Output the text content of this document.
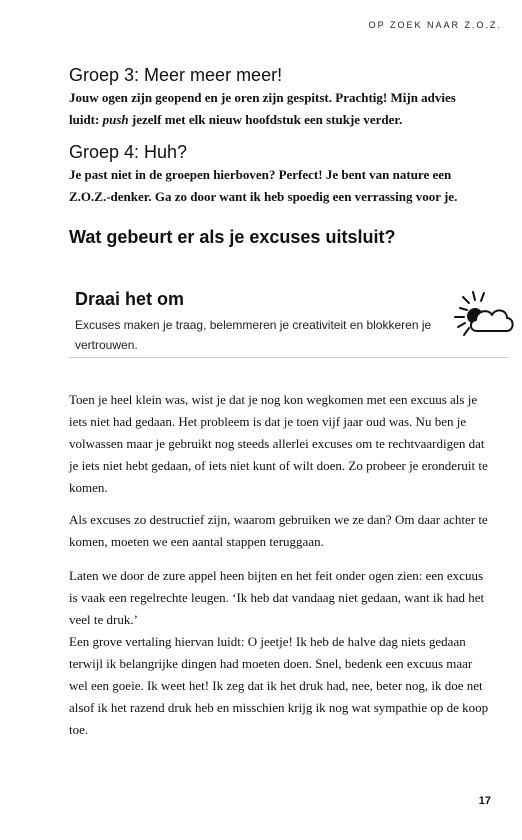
OP ZOEK NAAR Z.O.Z.
Groep 3: Meer meer meer!

Jouw ogen zijn geopend en je oren zijn gespitst. Prachtig! Mijn advies luidt: push jezelf met elk nieuw hoofdstuk een stukje verder.

Groep 4: Huh?

Je past niet in de groepen hierboven? Perfect! Je bent van nature een Z.O.Z.-denker. Ga zo door want ik heb spoedig een verrassing voor je.

Wat gebeurt er als je excuses uitsluit?
Draai het om

Excuses maken je traag, belemmeren je creativiteit en blokkeren je vertrouwen.

Toen je heel klein was, wist je dat je nog kon wegkomen met een excuus als je iets niet had gedaan. Het probleem is dat je toen vijf jaar oud was. Nu ben je volwassen maar je gebruikt nog steeds allerlei excuses om te rechtvaardigen dat je iets niet hebt gedaan, of iets niet kunt of wilt doen. Zo probeer je eronderuit te komen.

Als excuses zo destructief zijn, waarom gebruiken we ze dan? Om daar achter te komen, moeten we een aantal stappen teruggaan.

Laten we door de zure appel heen bijten en het feit onder ogen zien: een excuus is vaak een regelrechte leugen. ‘Ik heb dat vandaag niet gedaan, want ik had het veel te druk.’

Een grove vertaling hiervan luidt: O jeetje! Ik heb de halve dag niets gedaan terwijl ik belangrijke dingen had moeten doen. Snel, bedenk een excuus maar wel een goeie. Ik weet het! Ik zeg dat ik het druk had, nee, beter nog, ik doe net alsof ik het razend druk heb en misschien krijg ik nog wat sympathie op de koop toe.

17
